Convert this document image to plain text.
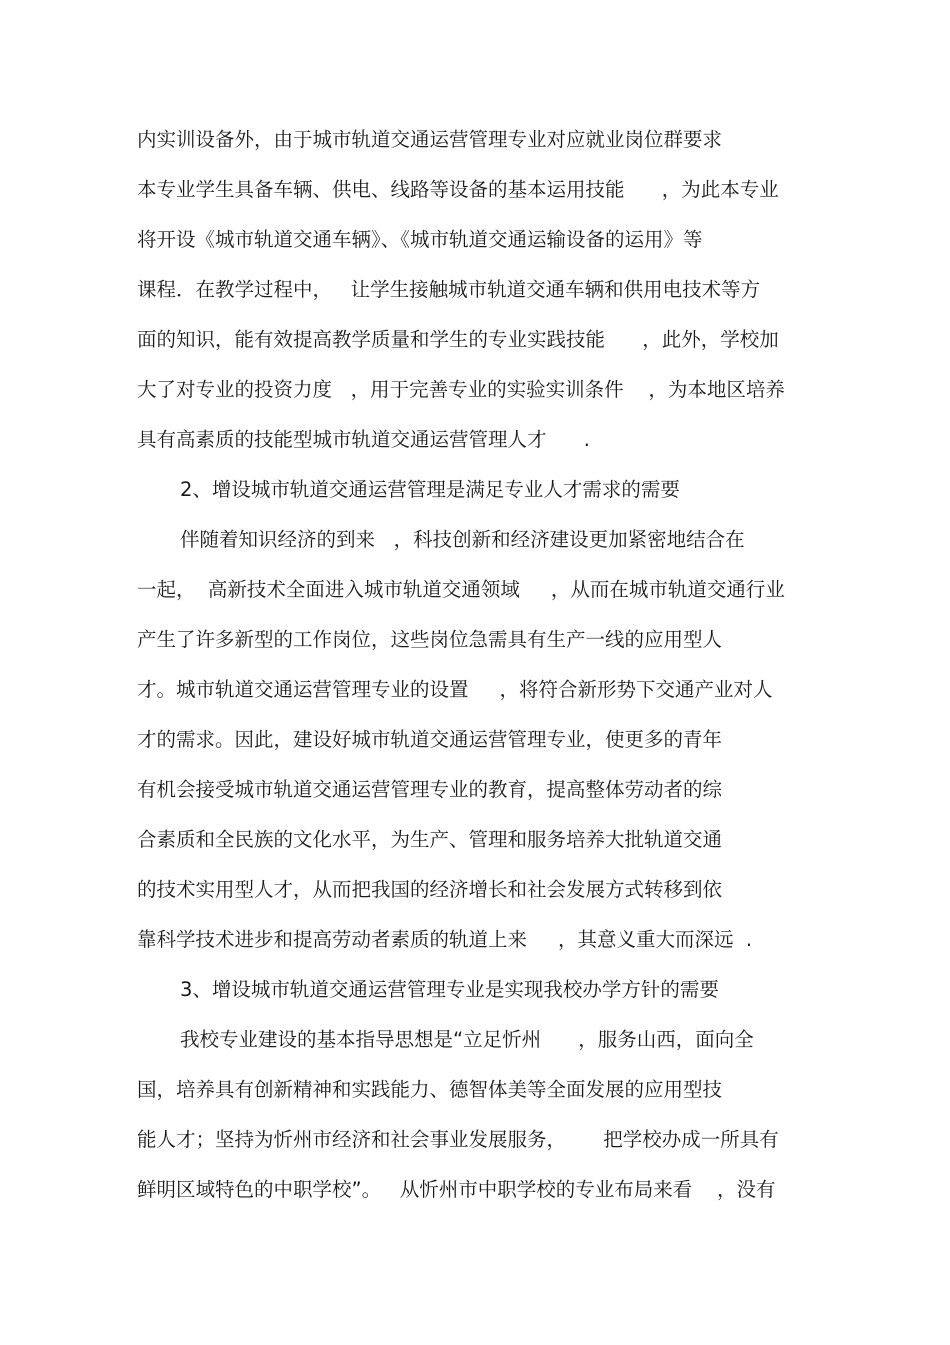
内实训设备外，由于城市轨道交通运营管理专业对应就业岗位群要求
本专业学生具备车辆、供电、线路等设备的基本运用技能      ，为此本专业
将开设《城市轨道交通车辆》、《城市轨道交通运输设备的运用》等
课程．在教学过程中，   让学生接触城市轨道交通车辆和供用电技术等方
面的知识，能有效提高教学质量和学生的专业实践技能      ，此外，学校加
大了对专业的投资力度   ，用于完善专业的实验实训条件    ，为本地区培养
具有高素质的技能型城市轨道交通运营管理人才      .
2、增设城市轨道交通运营管理是满足专业人才需求的需要
伴随着知识经济的到来   ，科技创新和经济建设更加紧密地结合在
一起，  高新技术全面进入城市轨道交通领域     ，从而在城市轨道交通行业
产生了许多新型的工作岗位，这些岗位急需具有生产一线的应用型人
才。城市轨道交通运营管理专业的设置     ，将符合新形势下交通产业对人
才的需求。因此，建设好城市轨道交通运营管理专业，使更多的青年
有机会接受城市轨道交通运营管理专业的教育，提高整体劳动者的综
合素质和全民族的文化水平，为生产、管理和服务培养大批轨道交通
的技术实用型人才，从而把我国的经济增长和社会发展方式转移到依
靠科学技术进步和提高劳动者素质的轨道上来     ，其意义重大而深远  .
3、增设城市轨道交通运营管理专业是实现我校办学方针的需要
我校专业建设的基本指导思想是“立足忻州      ，服务山西，面向全
国，培养具有创新精神和实践能力、德智体美等全面发展的应用型技
能人才；坚持为忻州市经济和社会事业发展服务，      把学校办成一所具有
鲜明区域特色的中职学校”。   从忻州市中职学校的专业布局来看    ，没有
